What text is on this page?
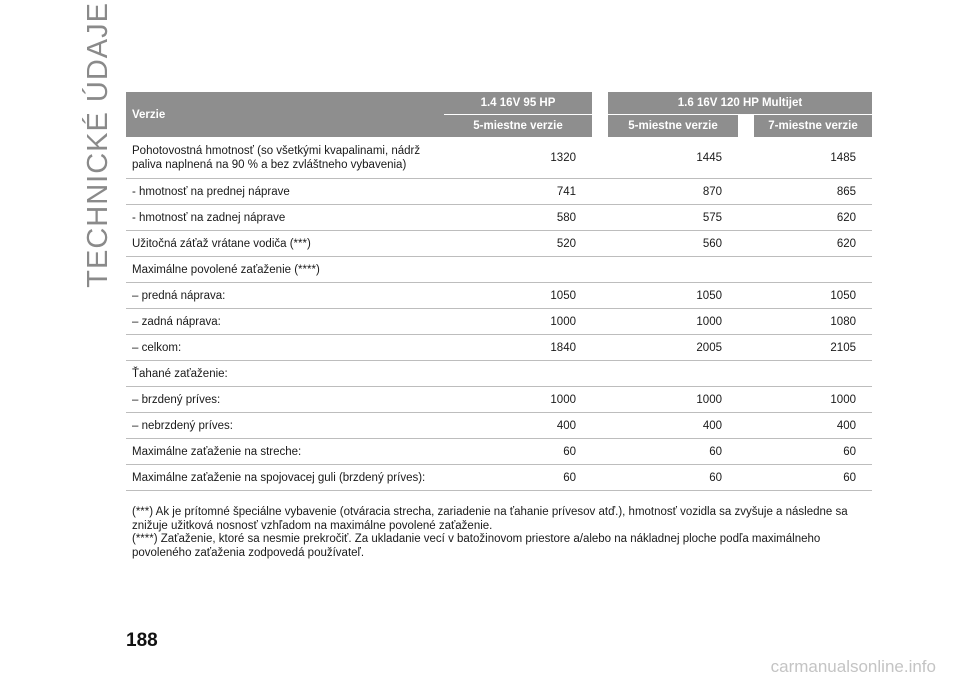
TECHNICKÉ ÚDAJE Verzie	1.4 16V 95 HP		1.6 16V 120 HP Multijet		
	5-miestne verzie		5-miestne verzie		7-miestne verzie
Pohotovostná hmotnosť (so všetkými kvapalinami, nádrž paliva naplnená na 90 % a bez zvláštneho vybavenia)	1320		1445		1485
- hmotnosť na prednej náprave	741		870		865
- hmotnosť na zadnej náprave	580		575		620
Užitočná záťaž vrátane vodiča (***)	520		560		620
Maximálne povolené zaťaženie (****)					
– predná náprava:	1050		1050		1050
– zadná náprava:	1000		1000		1080
– celkom:	1840		2005		2105
Ťahané zaťaženie:					
– brzdený príves:	1000		1000		1000
– nebrzdený príves:	400		400		400
Maximálne zaťaženie na streche:	60		60		60
Maximálne zaťaženie na spojovacej guli (brzdený príves):	60		60		60

(***) Ak je prítomné špeciálne vybavenie (otváracia strecha, zariadenie na ťahanie prívesov atď.), hmotnosť vozidla sa zvyšuje a následne sa znižuje užitková nosnosť vzhľadom na maximálne povolené zaťaženie.

(****) Zaťaženie, ktoré sa nesmie prekročiť. Za ukladanie vecí v batožinovom priestore a/alebo na nákladnej ploche podľa maximálneho povoleného zaťaženia zodpovedá používateľ.

188
carmanualsonline.info
